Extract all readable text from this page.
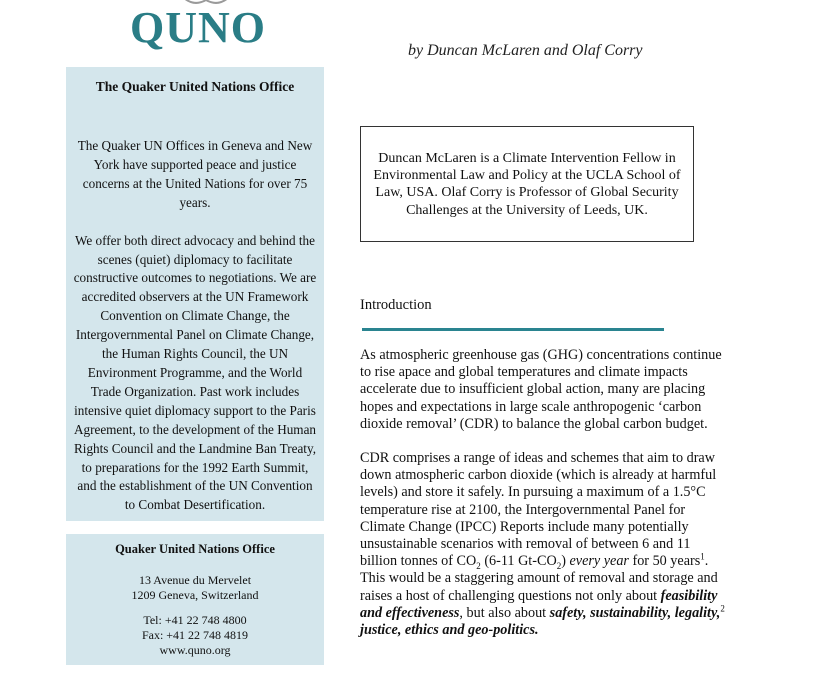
QUNO	by Duncan McLaren and Olaf Corry
The Quaker United Nations Office

The Quaker UN Offices in Geneva and New York have supported peace and justice concerns at the United Nations for over 75 years.

We offer both direct advocacy and behind the scenes (quiet) diplomacy to facilitate constructive outcomes to negotiations. We are accredited observers at the UN Framework Convention on Climate Change, the Intergovernmental Panel on Climate Change, the Human Rights Council, the UN Environment Programme, and the World Trade Organization. Past work includes intensive quiet diplomacy support to the Paris Agreement, to the development of the Human Rights Council and the Landmine Ban Treaty, to preparations for the 1992 Earth Summit, and the establishment of the UN Convention to Combat Desertification.

Quaker United Nations Office
13 Avenue du Mervelet
1209 Geneva, Switzerland
Tel: +41 22 748 4800
Fax: +41 22 748 4819
www.quno.org
Duncan McLaren is a Climate Intervention Fellow in Environmental Law and Policy at the UCLA School of Law, USA. Olaf Corry is Professor of Global Security Challenges at the University of Leeds, UK.
Introduction

As atmospheric greenhouse gas (GHG) concentrations continue to rise apace and global temperatures and climate impacts accelerate due to insufficient global action, many are placing hopes and expectations in large scale anthropogenic ‘carbon dioxide removal’ (CDR) to balance the global carbon budget.

CDR comprises a range of ideas and schemes that aim to draw down atmospheric carbon dioxide (which is already at harmful levels) and store it safely. In pursuing a maximum of a 1.5°C temperature rise at 2100, the Intergovernmental Panel for Climate Change (IPCC) Reports include many potentially unsustainable scenarios with removal of between 6 and 11 billion tonnes of $CO_2$ (6-11 $Gt-CO_2$) every year for 50 years$^1$. This would be a staggering amount of removal and storage and raises a host of challenging questions not only about feasibility and effectiveness, but also about safety, sustainability, legality,$^2$ justice, ethics and geo-politics.
